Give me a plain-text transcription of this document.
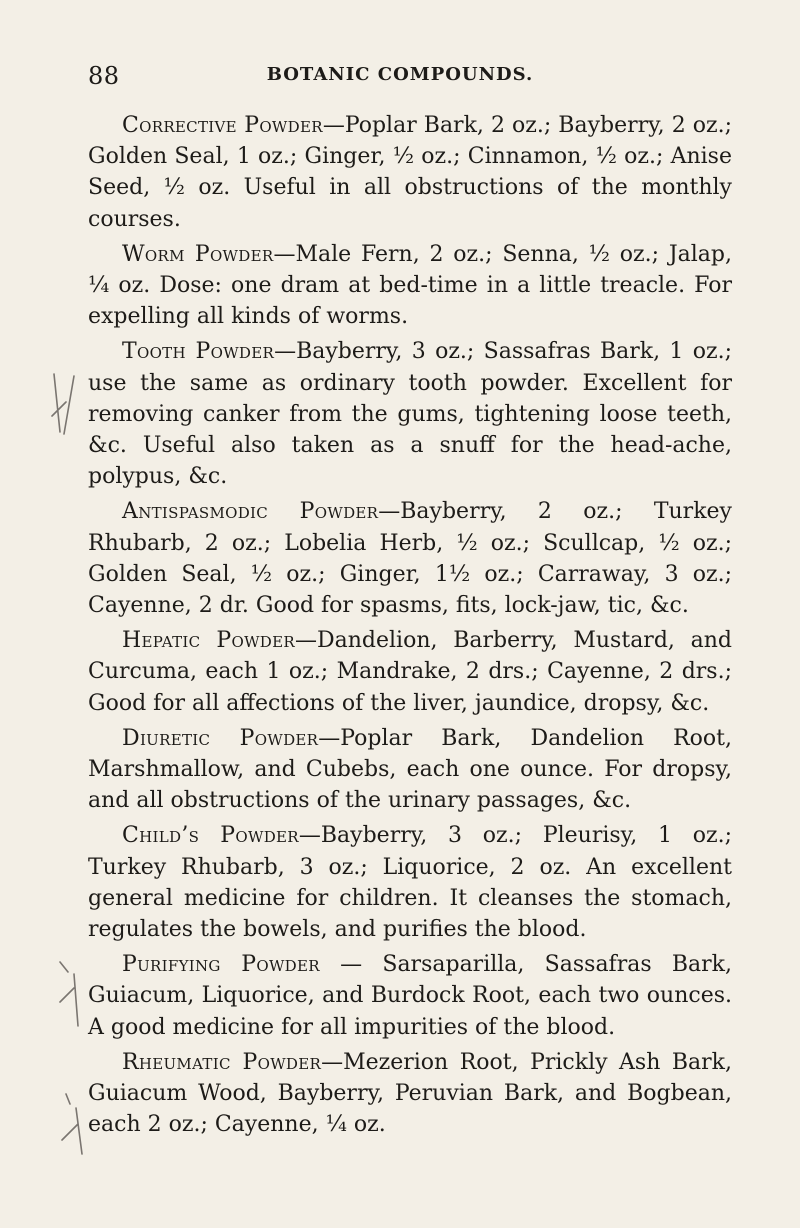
88	BOTANIC COMPOUNDS.

Corrective Powder—Poplar Bark, 2 oz.; Bayberry, 2 oz.; Golden Seal, 1 oz.; Ginger, ½ oz.; Cinnamon, ½ oz.; Anise Seed, ½ oz. Useful in all obstructions of the monthly courses.

Worm Powder—Male Fern, 2 oz.; Senna, ½ oz.; Jalap, ¼ oz. Dose: one dram at bed-time in a little treacle. For expelling all kinds of worms.

Tooth Powder—Bayberry, 3 oz.; Sassafras Bark, 1 oz.; use the same as ordinary tooth powder. Excellent for removing canker from the gums, tightening loose teeth, &c. Useful also taken as a snuff for the head-ache, polypus, &c.

Antispasmodic Powder—Bayberry, 2 oz.; Turkey Rhubarb, 2 oz.; Lobelia Herb, ½ oz.; Scullcap, ½ oz.; Golden Seal, ½ oz.; Ginger, 1½ oz.; Carraway, 3 oz.; Cayenne, 2 dr. Good for spasms, fits, lock-jaw, tic, &c.

Hepatic Powder—Dandelion, Barberry, Mustard, and Curcuma, each 1 oz.; Mandrake, 2 drs.; Cayenne, 2 drs.; Good for all affections of the liver, jaundice, dropsy, &c.

Diuretic Powder—Poplar Bark, Dandelion Root, Marshmallow, and Cubebs, each one ounce. For dropsy, and all obstructions of the urinary passages, &c.

Child’s Powder—Bayberry, 3 oz.; Pleurisy, 1 oz.; Turkey Rhubarb, 3 oz.; Liquorice, 2 oz. An excellent general medicine for children. It cleanses the stomach, regulates the bowels, and purifies the blood.

Purifying Powder — Sarsaparilla, Sassafras Bark, Guiacum, Liquorice, and Burdock Root, each two ounces. A good medicine for all impurities of the blood.

Rheumatic Powder—Mezerion Root, Prickly Ash Bark, Guiacum Wood, Bayberry, Peruvian Bark, and Bogbean, each 2 oz.; Cayenne, ¼ oz.
